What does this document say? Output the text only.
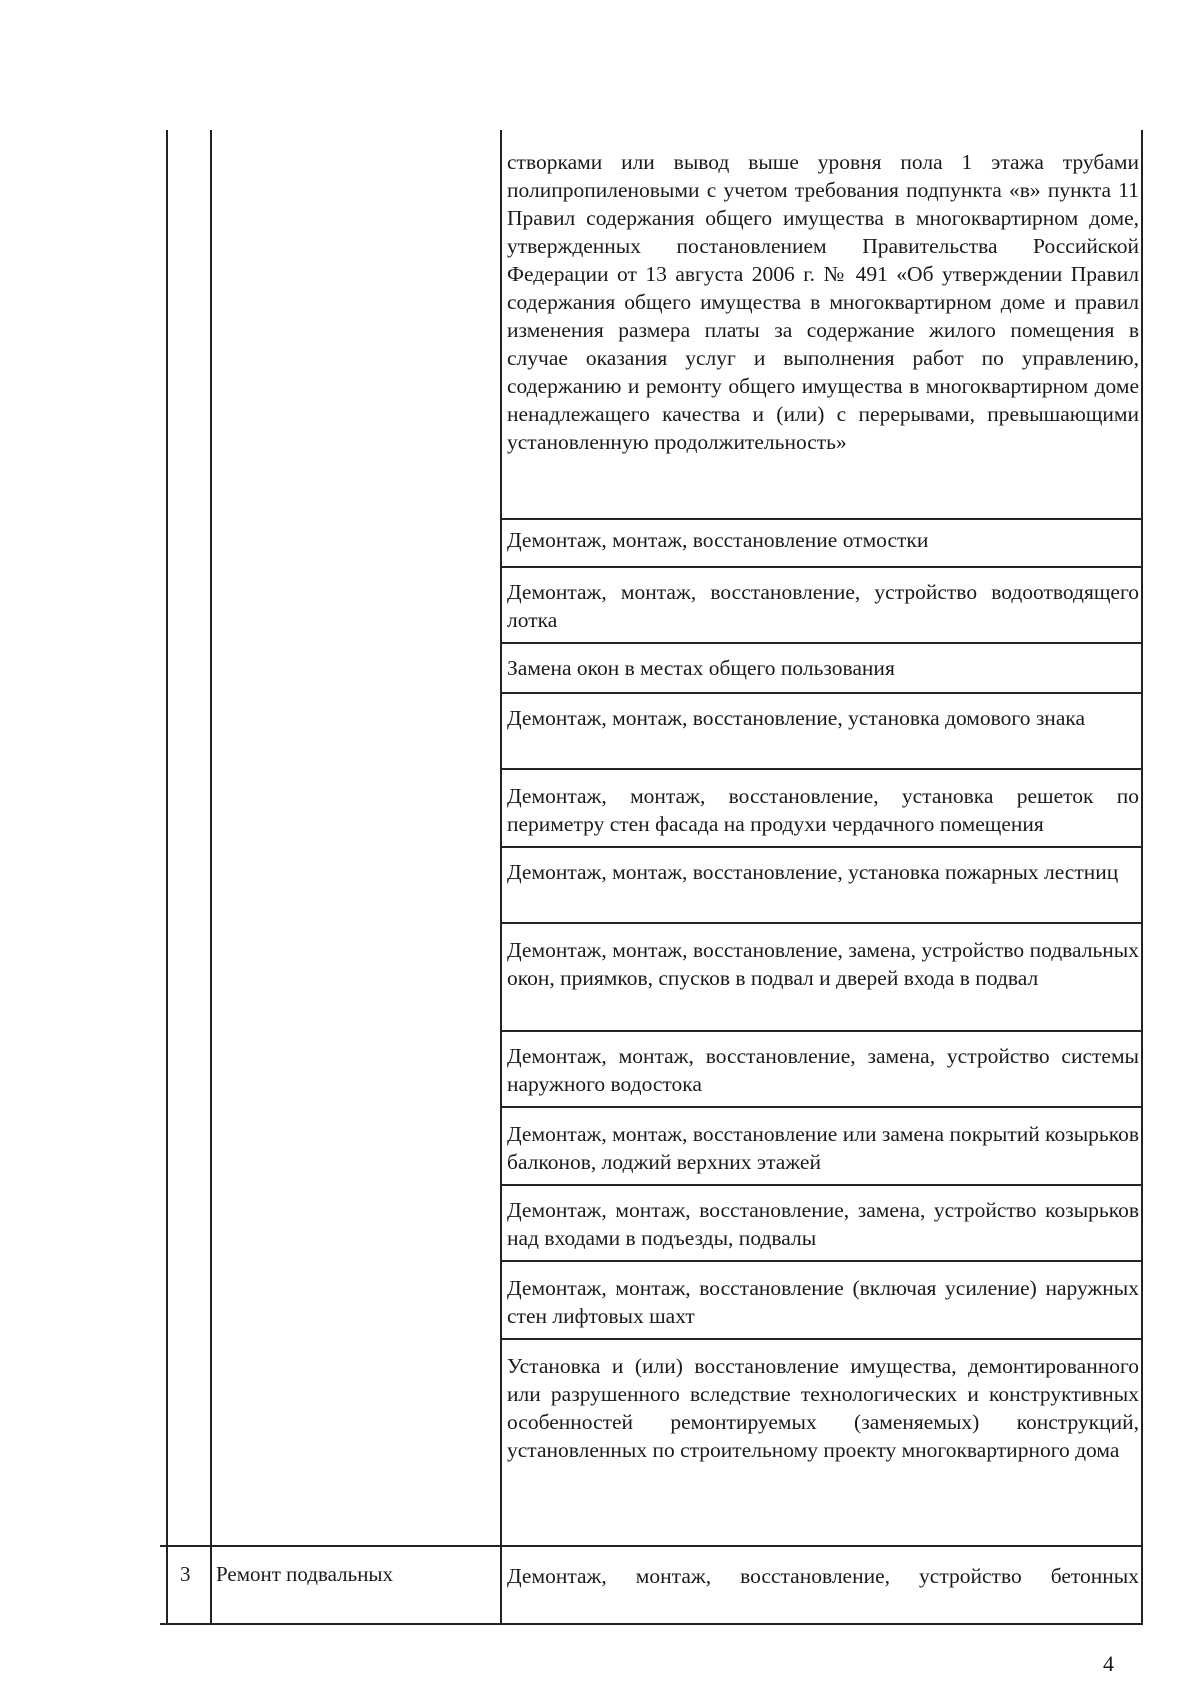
створками или вывод выше уровня пола 1 этажа трубами полипропиленовыми с учетом требования подпункта «в» пункта 11 Правил содержания общего имущества в многоквартирном доме, утвержденных постановлением Правительства Российской Федерации от 13 августа 2006 г. № 491 «Об утверждении Правил содержания общего имущества в многоквартирном доме и правил изменения размера платы за содержание жилого помещения в случае оказания услуг и выполнения работ по управлению, содержанию и ремонту общего имущества в многоквартирном доме ненадлежащего качества и (или) с перерывами, превышающими установленную продолжительность»
Демонтаж, монтаж, восстановление отмостки
Демонтаж, монтаж, восстановление, устройство водоотводящего лотка
Замена окон в местах общего пользования
Демонтаж, монтаж, восстановление, установка домового знака
Демонтаж, монтаж, восстановление, установка решеток по периметру стен фасада на продухи чердачного помещения
Демонтаж, монтаж, восстановление, установка пожарных лестниц
Демонтаж, монтаж, восстановление, замена, устройство подвальных окон, приямков, спусков в подвал и дверей входа в подвал
Демонтаж, монтаж, восстановление, замена, устройство системы наружного водостока
Демонтаж, монтаж, восстановление или замена покрытий козырьков балконов, лоджий верхних этажей
Демонтаж, монтаж, восстановление, замена, устройство козырьков над входами в подъезды, подвалы
Демонтаж, монтаж, восстановление (включая усиление) наружных стен лифтовых шахт
Установка и (или) восстановление имущества, демонтированного или разрушенного вследствие технологических и конструктивных особенностей ремонтируемых (заменяемых) конструкций, установленных по строительному проекту многоквартирного дома
Демонтаж, монтаж, восстановление, устройство бетонных
3 Ремонт подвальных
4
